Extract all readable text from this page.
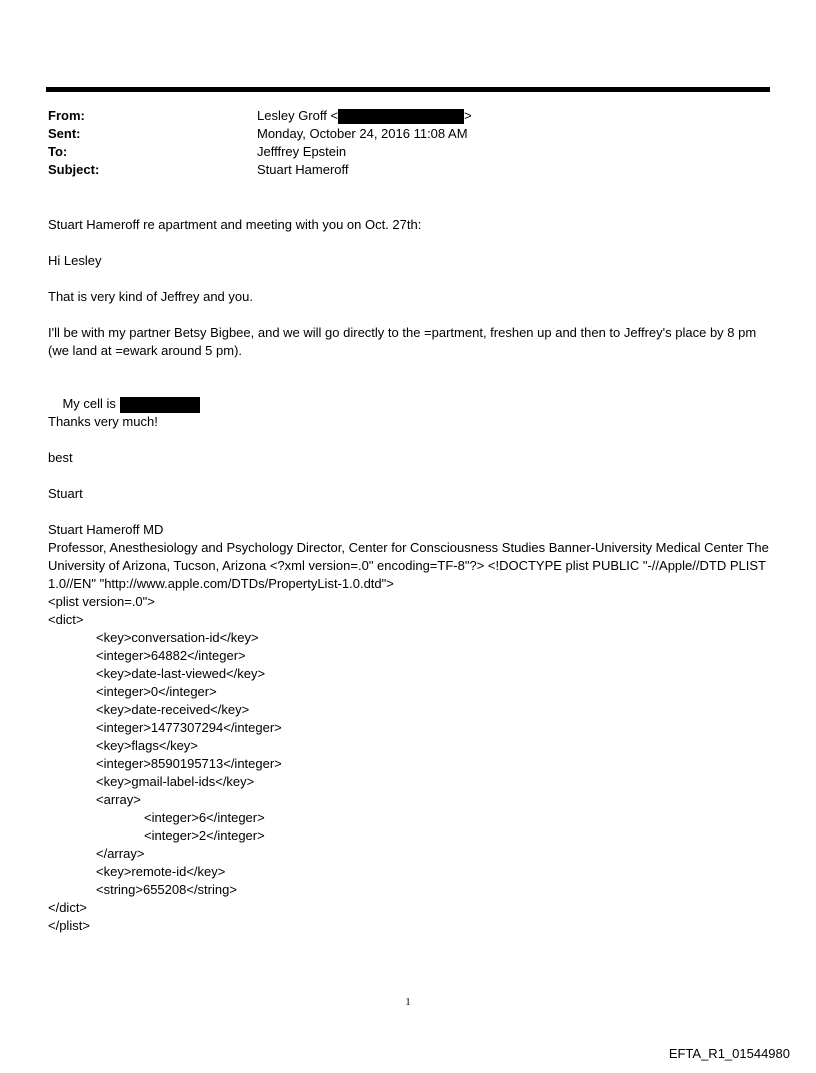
From:	Lesley Groff <	>
Sent:	Monday, October 24, 2016 11:08 AM
To:	Jefffrey Epstein
Subject:	Stuart Hameroff
Stuart Hameroff re apartment and meeting with you on Oct. 27th:
Hi Lesley
That is very kind of Jeffrey and you.
I'll be with my partner Betsy Bigbee, and we will go directly to the =partment, freshen up and then to Jeffrey's place by 8 pm (we land at =ewark around 5 pm).

My cell is

Thanks very much!
best
Stuart
Stuart Hameroff MD
Professor, Anesthesiology and Psychology Director, Center for Consciousness Studies Banner-University Medical Center The University of Arizona, Tucson, Arizona <?xml version=.0" encoding=TF-8"?> <!DOCTYPE plist PUBLIC "-//Apple//DTD PLIST 1.0//EN" "http://www.apple.com/DTDs/PropertyList-1.0.dtd">
<plist version=.0">
<dict>
<key>conversation-id</key>
<integer>64882</integer>
<key>date-last-viewed</key>
<integer>0</integer>
<key>date-received</key>
<integer>1477307294</integer>
<key>flags</key>
<integer>8590195713</integer>
<key>gmail-label-ids</key>
<array>
<integer>6</integer>
<integer>2</integer>
</array>
<key>remote-id</key>
<string>655208</string>
</dict>
</plist>
1
EFTA_R1_01544980
